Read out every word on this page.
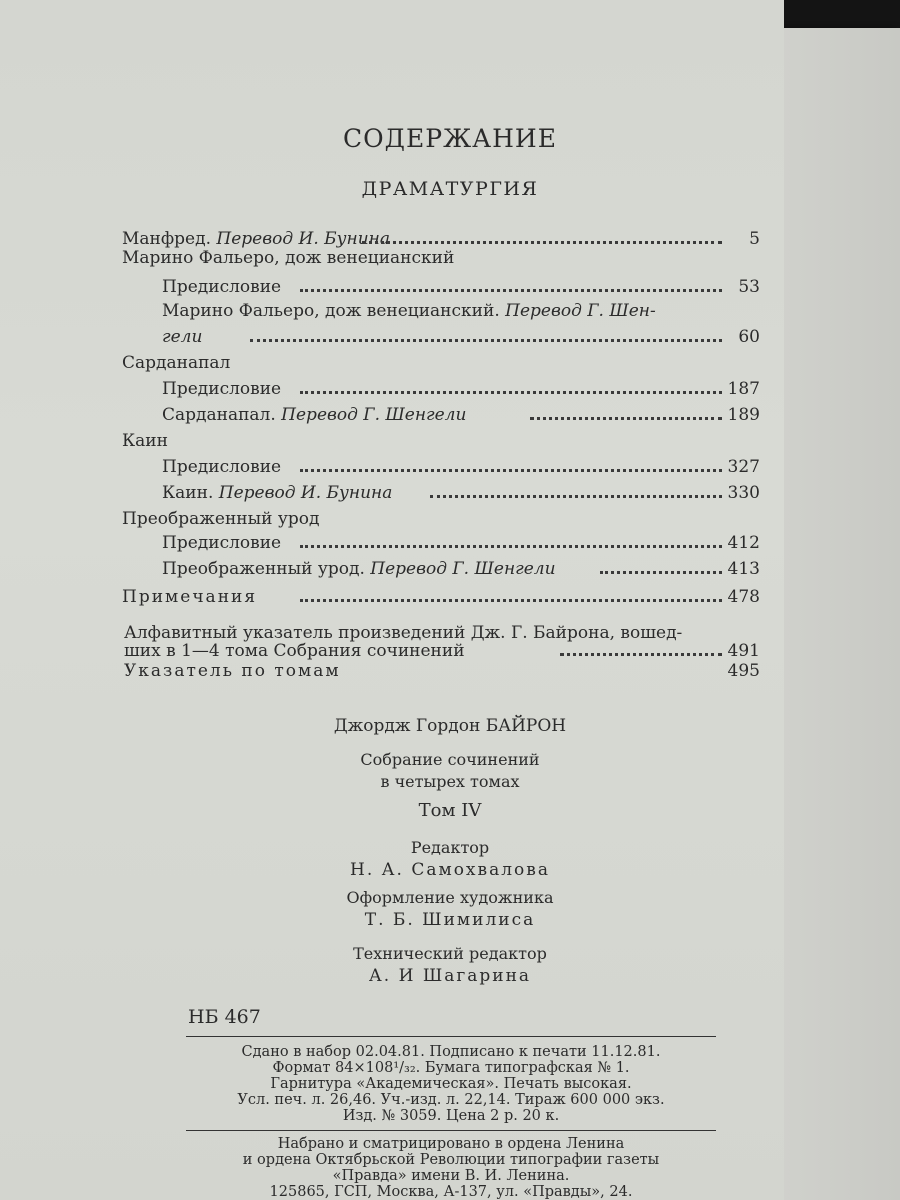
СОДЕРЖАНИЕ
ДРАМАТУРГИЯ
Манфред. Перевод И. Бунина	5
Марино Фальеро, дож венецианский
Предисловие	53
Марино Фальеро, дож венецианский. Перевод Г. Шен-
гели	60
Сарданапал
Предисловие	187
Сарданапал. Перевод Г. Шенгели	189
Каин
Предисловие	327
Каин. Перевод И. Бунина	330
Преображенный урод
Предисловие	412
Преображенный урод. Перевод Г. Шенгели	413
Примечания	478
Алфавитный указатель произведений Дж. Г. Байрона, вошед-
ших в 1—4 тома Собрания сочинений	491
Указатель по томам	495
Джордж Гордон БАЙРОН
Собрание сочинений
в четырех томах
Том IV
Редактор
Н. А. Самохвалова
Оформление художника
Т. Б. Шимилиса
Технический редактор
А. И Шагарина
НБ 467
Сдано в набор 02.04.81. Подписано к печати 11.12.81.
Формат 84×108¹/₃₂. Бумага типографская № 1.
Гарнитура «Академическая». Печать высокая.
Усл. печ. л. 26,46. Уч.-изд. л. 22,14. Тираж 600 000 экз.
Изд. № 3059. Цена 2 р. 20 к.
Набрано и сматрицировано в ордена Ленина
и ордена Октябрьской Революции типографии газеты
«Правда» имени В. И. Ленина.
125865, ГСП, Москва, А-137, ул. «Правды», 24.
